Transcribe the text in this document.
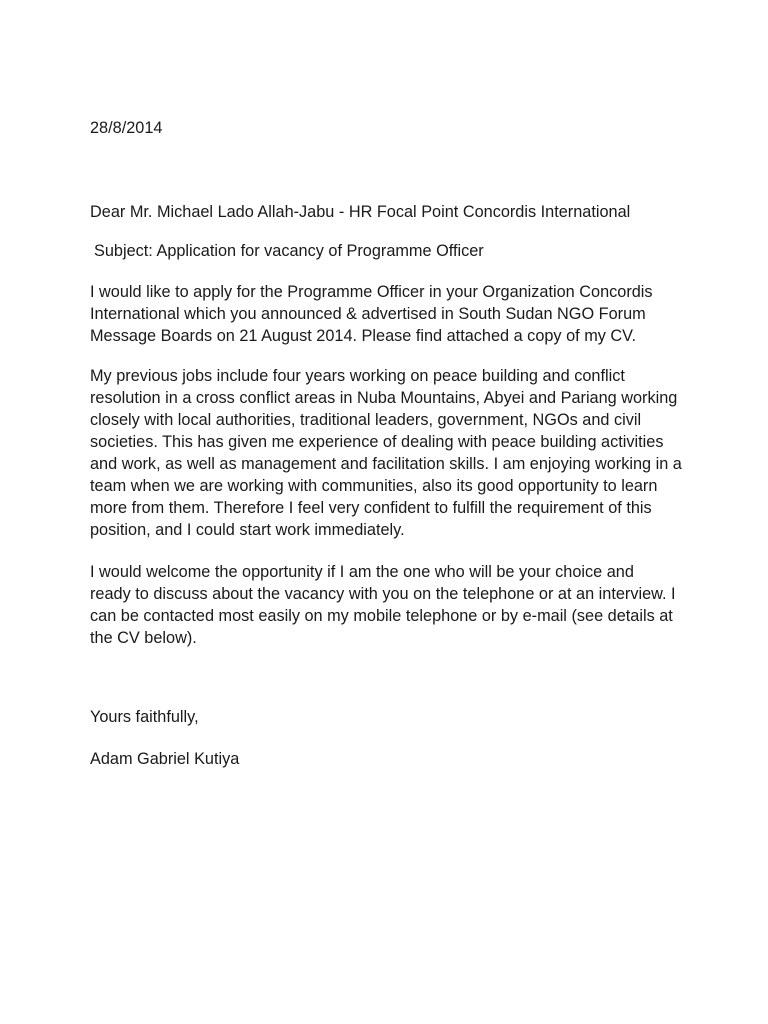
28/8/2014

Dear Mr. Michael Lado Allah-Jabu - HR Focal Point Concordis International

Subject: Application for vacancy of Programme Officer

I would like to apply for the Programme Officer in your Organization Concordis
International which you announced & advertised in South Sudan NGO Forum
Message Boards on 21 August 2014. Please find attached a copy of my CV.
My previous jobs include four years working on peace building and conflict
resolution in a cross conflict areas in Nuba Mountains, Abyei and Pariang working
closely with local authorities, traditional leaders, government, NGOs and civil
societies. This has given me experience of dealing with peace building activities
and work, as well as management and facilitation skills. I am enjoying working in a
team when we are working with communities, also its good opportunity to learn
more from them. Therefore I feel very confident to fulfill the requirement of this
position, and I could start work immediately.
I would welcome the opportunity if I am the one who will be your choice and
ready to discuss about the vacancy with you on the telephone or at an interview. I
can be contacted most easily on my mobile telephone or by e-mail (see details at
the CV below).

Yours faithfully,

Adam Gabriel Kutiya
